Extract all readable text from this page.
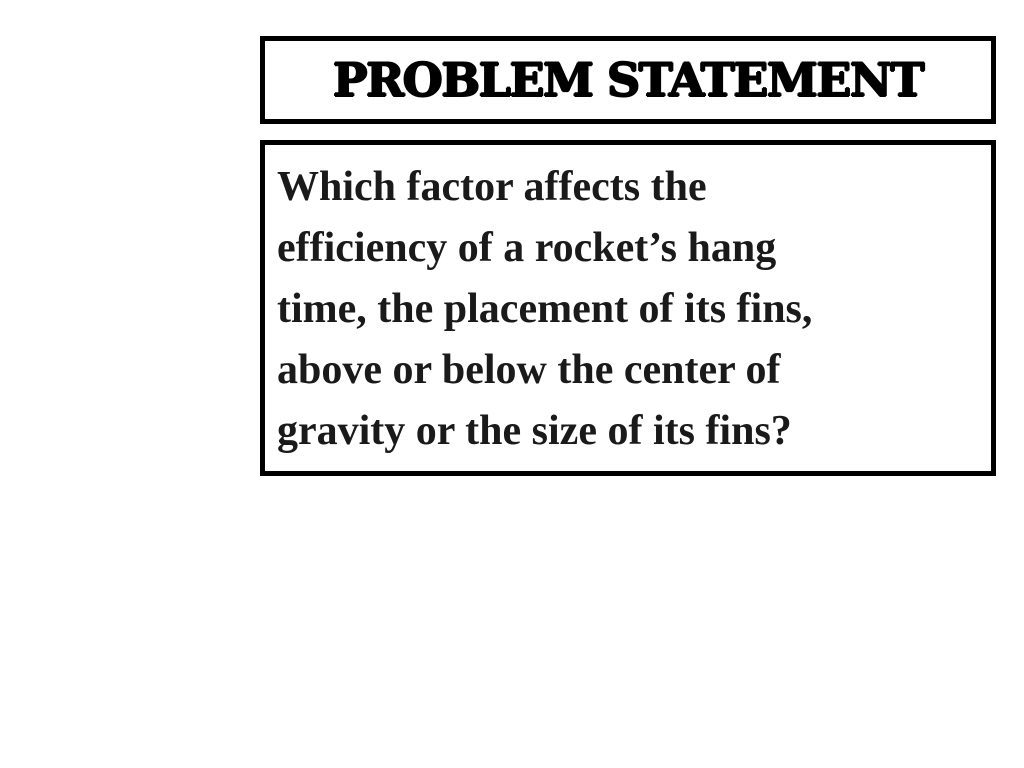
PROBLEM STATEMENT
Which factor affects the
efficiency of a rocket’s hang
time, the placement of its fins,
above or below the center of
gravity or the size of its fins?
